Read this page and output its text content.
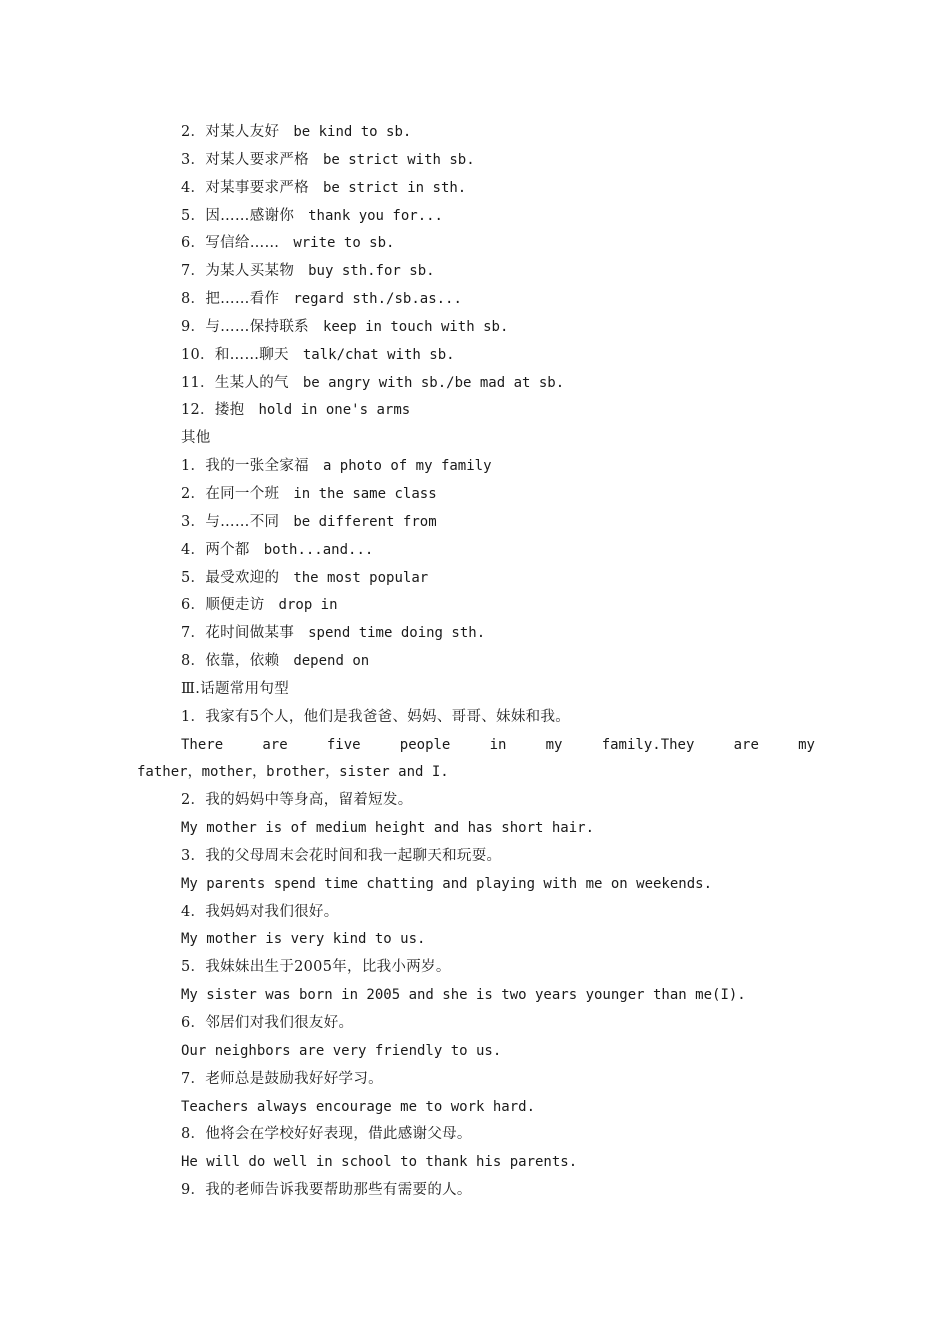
2．对某人友好 be kind to sb.
3．对某人要求严格 be strict with sb.
4．对某事要求严格 be strict in sth.
5．因……感谢你 thank you for...
6．写信给…… write to sb.
7．为某人买某物 buy sth.for sb.
8．把……看作 regard sth./sb.as...
9．与……保持联系 keep in touch with sb.
10．和……聊天 talk/chat with sb.
11．生某人的气 be angry with sb./be mad at sb.
12．搂抱 hold in one's arms
其他
1．我的一张全家福 a photo of my family
2．在同一个班 in the same class
3．与……不同 be different from
4．两个都 both...and...
5．最受欢迎的 the most popular
6．顺便走访 drop in
7．花时间做某事 spend time doing sth.
8．依靠，依赖 depend on
Ⅲ.话题常用句型
1．我家有5个人，他们是我爸爸、妈妈、哥哥、妹妹和我。
There	are	five	people	in	my	family.They	are	my
father，mother，brother，sister and I.
2．我的妈妈中等身高，留着短发。
My mother is of medium height and has short hair.
3．我的父母周末会花时间和我一起聊天和玩耍。
My parents spend time chatting and playing with me on weekends.
4．我妈妈对我们很好。
My mother is very kind to us.
5．我妹妹出生于2005年，比我小两岁。
My sister was born in 2005 and she is two years younger than me(I).
6．邻居们对我们很友好。
Our neighbors are very friendly to us.
7．老师总是鼓励我好好学习。
Teachers always encourage me to work hard.
8．他将会在学校好好表现，借此感谢父母。
He will do well in school to thank his parents.
9．我的老师告诉我要帮助那些有需要的人。
